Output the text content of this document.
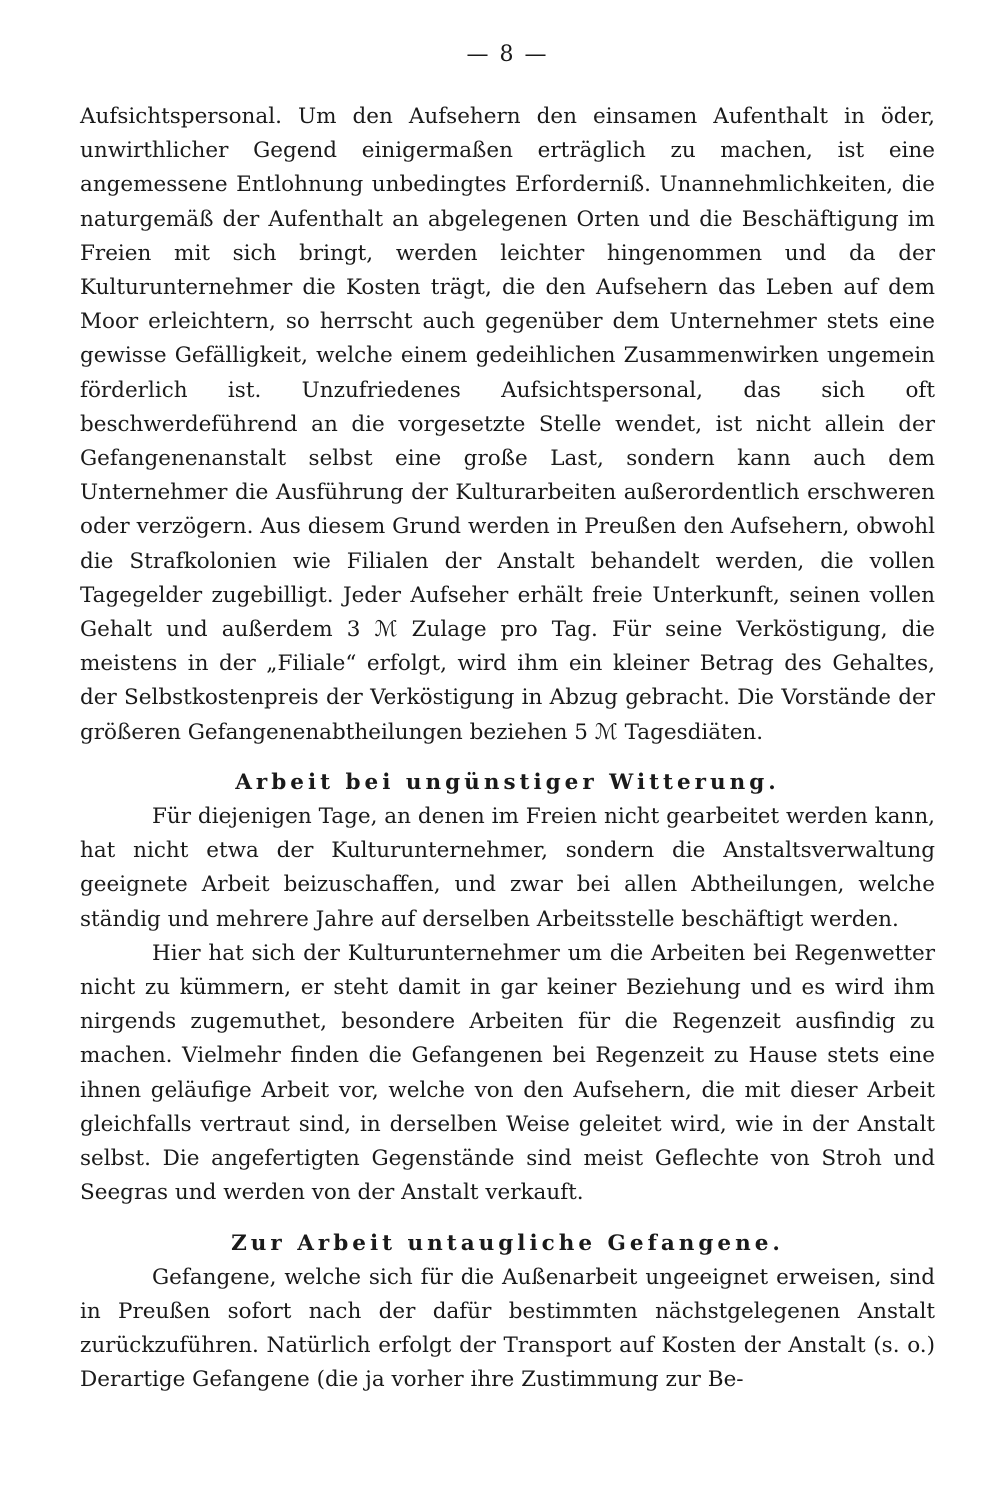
— 8 —

Aufsichtspersonal. Um den Aufsehern den einsamen Aufenthalt in öder, unwirthlicher Gegend einigermaßen erträglich zu machen, ist eine angemessene Entlohnung unbedingtes Erforderniß. Unannehmlichkeiten, die naturgemäß der Aufenthalt an abgelegenen Orten und die Beschäftigung im Freien mit sich bringt, werden leichter hingenommen und da der Kulturunternehmer die Kosten trägt, die den Aufsehern das Leben auf dem Moor erleichtern, so herrscht auch gegenüber dem Unternehmer stets eine gewisse Gefälligkeit, welche einem gedeihlichen Zusammenwirken ungemein förderlich ist. Unzufriedenes Aufsichtspersonal, das sich oft beschwerdeführend an die vorgesetzte Stelle wendet, ist nicht allein der Gefangenenanstalt selbst eine große Last, sondern kann auch dem Unternehmer die Ausführung der Kulturarbeiten außerordentlich erschweren oder verzögern. Aus diesem Grund werden in Preußen den Aufsehern, obwohl die Strafkolonien wie Filialen der Anstalt behandelt werden, die vollen Tagegelder zugebilligt. Jeder Aufseher erhält freie Unterkunft, seinen vollen Gehalt und außerdem 3 ℳ Zulage pro Tag. Für seine Verköstigung, die meistens in der „Filiale“ erfolgt, wird ihm ein kleiner Betrag des Gehaltes, der Selbstkostenpreis der Verköstigung in Abzug gebracht. Die Vorstände der größeren Gefangenenabtheilungen beziehen 5 ℳ Tagesdiäten.

Arbeit bei ungünstiger Witterung.

Für diejenigen Tage, an denen im Freien nicht gearbeitet werden kann, hat nicht etwa der Kulturunternehmer, sondern die Anstaltsverwaltung geeignete Arbeit beizuschaffen, und zwar bei allen Abtheilungen, welche ständig und mehrere Jahre auf derselben Arbeitsstelle beschäftigt werden.

Hier hat sich der Kulturunternehmer um die Arbeiten bei Regenwetter nicht zu kümmern, er steht damit in gar keiner Beziehung und es wird ihm nirgends zugemuthet, besondere Arbeiten für die Regenzeit ausfindig zu machen. Vielmehr finden die Gefangenen bei Regenzeit zu Hause stets eine ihnen geläufige Arbeit vor, welche von den Aufsehern, die mit dieser Arbeit gleichfalls vertraut sind, in derselben Weise geleitet wird, wie in der Anstalt selbst. Die angefertigten Gegenstände sind meist Geflechte von Stroh und Seegras und werden von der Anstalt verkauft.

Zur Arbeit untaugliche Gefangene.

Gefangene, welche sich für die Außenarbeit ungeeignet erweisen, sind in Preußen sofort nach der dafür bestimmten nächstgelegenen Anstalt zurückzuführen. Natürlich erfolgt der Transport auf Kosten der Anstalt (s. o.) Derartige Gefangene (die ja vorher ihre Zustimmung zur Be-
